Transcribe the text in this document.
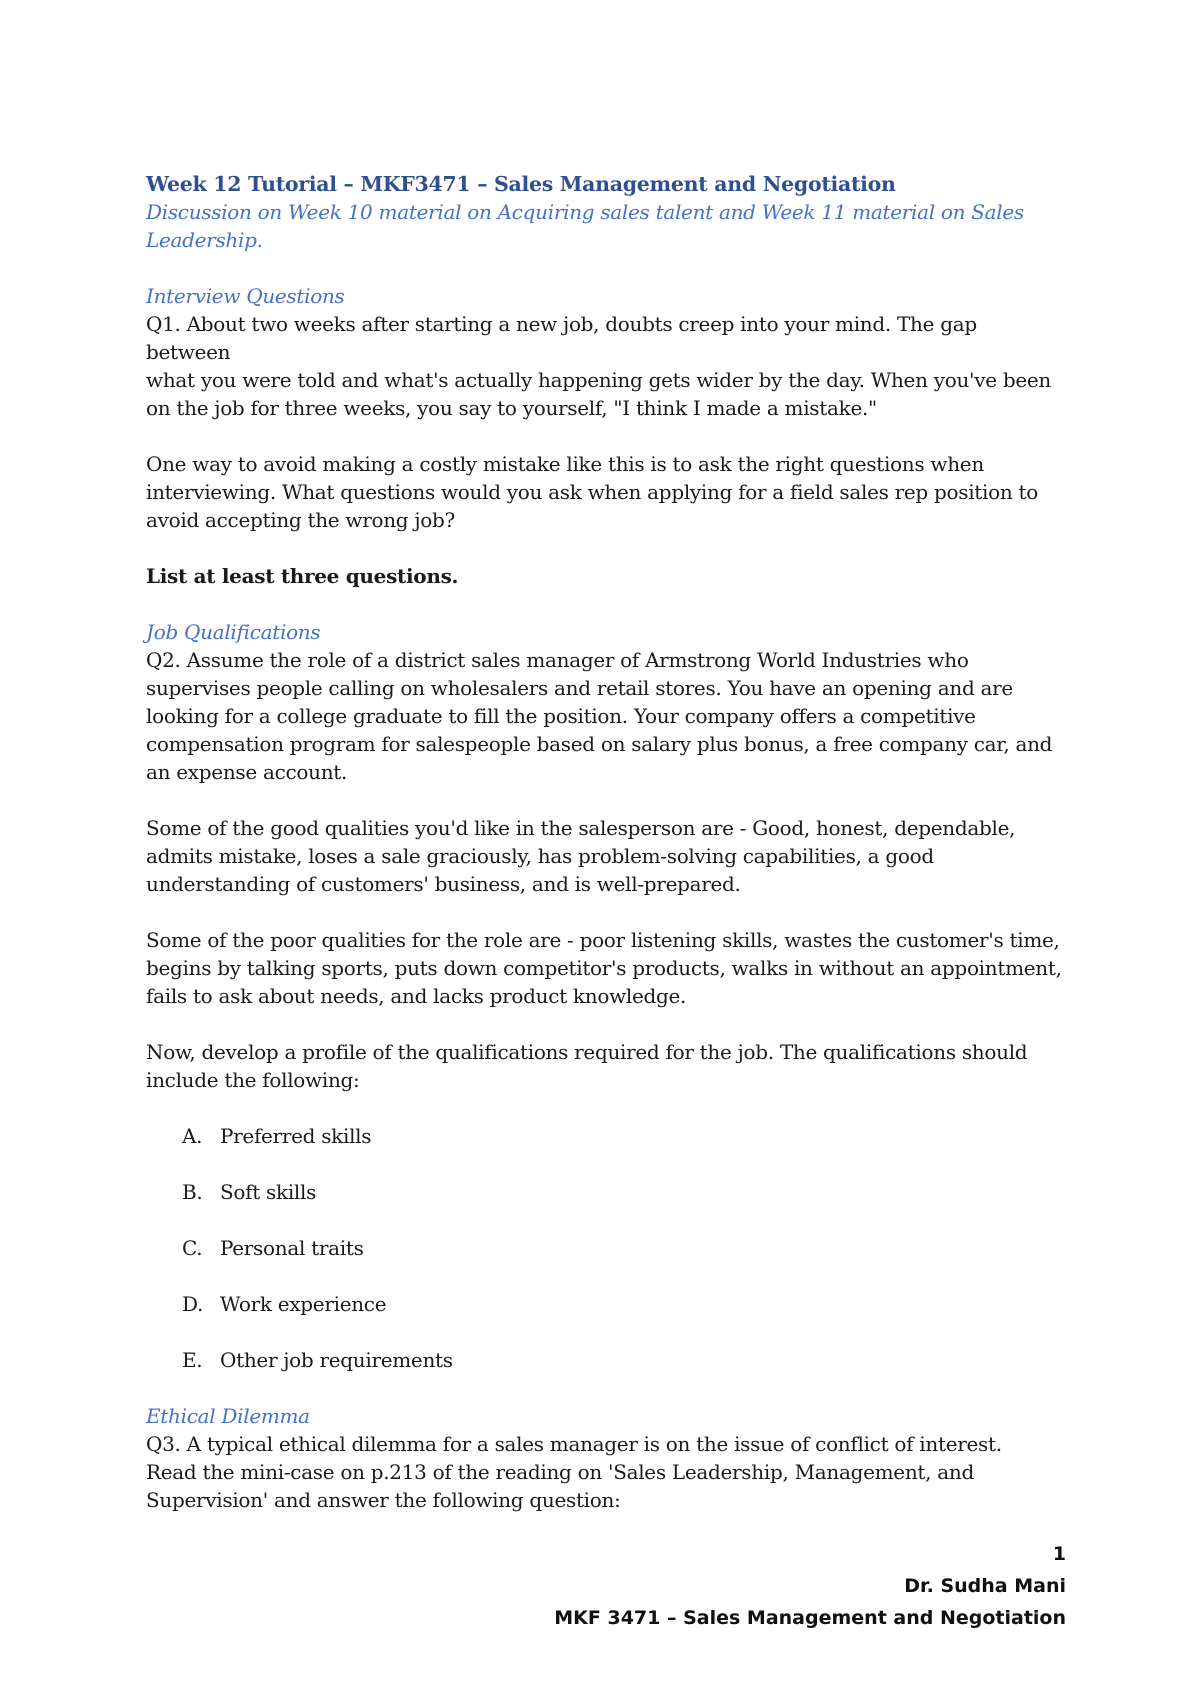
Week 12 Tutorial – MKF3471 – Sales Management and Negotiation

Discussion on Week 10 material on Acquiring sales talent and Week 11 material on Sales

Leadership.

Interview Questions

Q1. About two weeks after starting a new job, doubts creep into your mind. The gap between

what you were told and what's actually happening gets wider by the day. When you've been

on the job for three weeks, you say to yourself, "I think I made a mistake."

One way to avoid making a costly mistake like this is to ask the right questions when

interviewing. What questions would you ask when applying for a field sales rep position to

avoid accepting the wrong job?

List at least three questions.

Job Qualifications

Q2. Assume the role of a district sales manager of Armstrong World Industries who

supervises people calling on wholesalers and retail stores. You have an opening and are

looking for a college graduate to fill the position. Your company offers a competitive

compensation program for salespeople based on salary plus bonus, a free company car, and

an expense account.

Some of the good qualities you'd like in the salesperson are - Good, honest, dependable,

admits mistake, loses a sale graciously, has problem-solving capabilities, a good

understanding of customers' business, and is well-prepared.

Some of the poor qualities for the role are - poor listening skills, wastes the customer's time,

begins by talking sports, puts down competitor's products, walks in without an appointment,

fails to ask about needs, and lacks product knowledge.

Now, develop a profile of the qualifications required for the job. The qualifications should

include the following:

A. Preferred skills
B. Soft skills
C. Personal traits
D. Work experience
E. Other job requirements

Ethical Dilemma

Q3. A typical ethical dilemma for a sales manager is on the issue of conflict of interest.

Read the mini-case on p.213 of the reading on 'Sales Leadership, Management, and

Supervision' and answer the following question:

1
Dr. Sudha Mani
MKF 3471 – Sales Management and Negotiation
